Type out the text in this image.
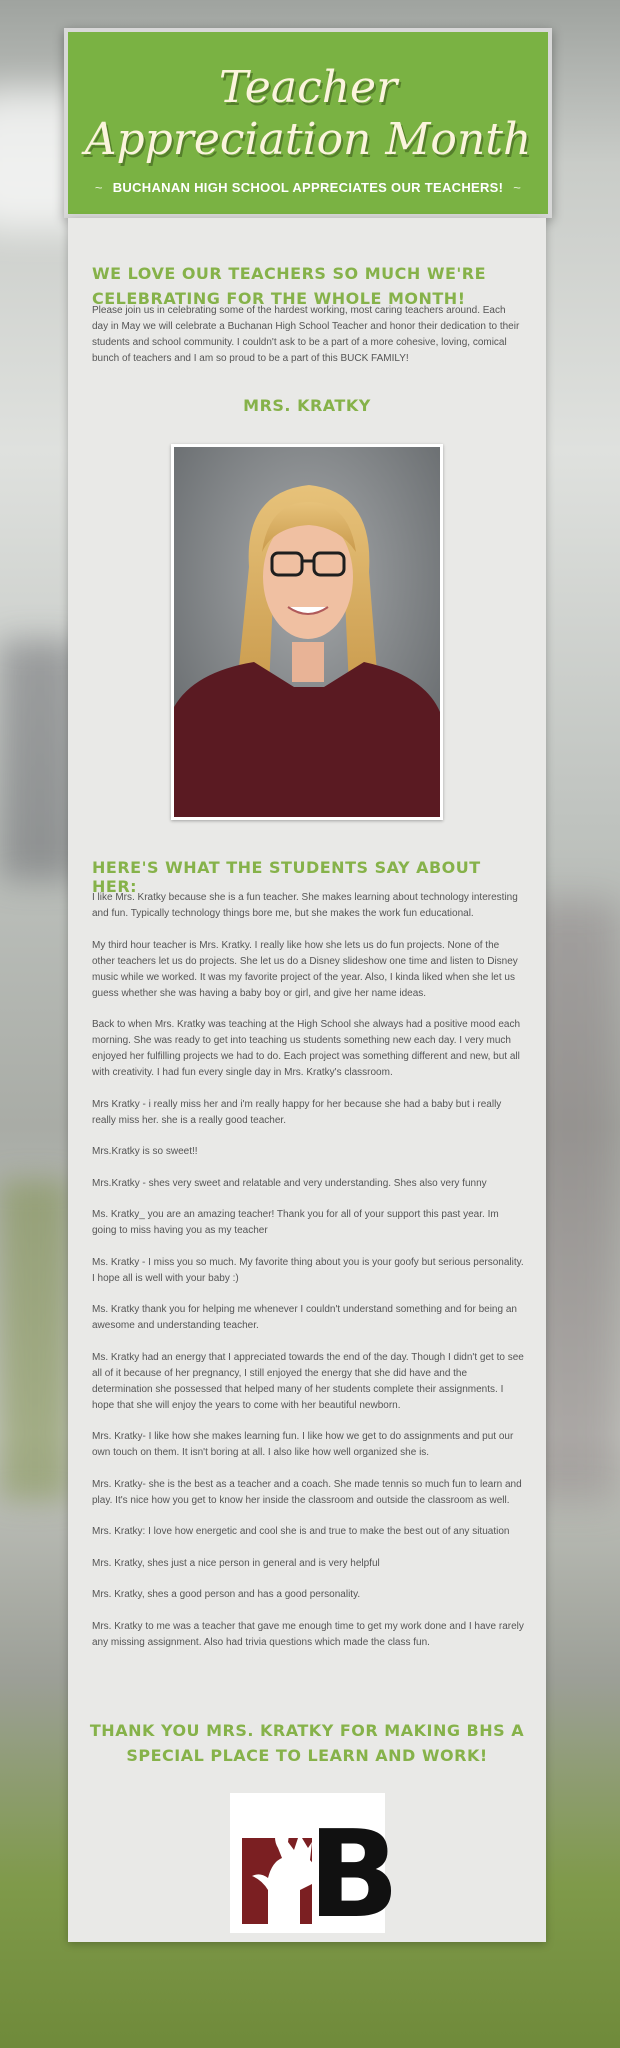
Teacher
Appreciation Month
~ BUCHANAN HIGH SCHOOL APPRECIATES OUR TEACHERS! ~
WE LOVE OUR TEACHERS SO MUCH WE'RE CELEBRATING FOR THE WHOLE MONTH!

Please join us in celebrating some of the hardest working, most caring teachers around. Each day in May we will celebrate a Buchanan High School Teacher and honor their dedication to their students and school community. I couldn't ask to be a part of a more cohesive, loving, comical bunch of teachers and I am so proud to be a part of this BUCK FAMILY!

MRS. KRATKY
HERE'S WHAT THE STUDENTS SAY ABOUT HER:

I like Mrs. Kratky because she is a fun teacher. She makes learning about technology interesting and fun. Typically technology things bore me, but she makes the work fun educational.

My third hour teacher is Mrs. Kratky. I really like how she lets us do fun projects. None of the other teachers let us do projects. She let us do a Disney slideshow one time and listen to Disney music while we worked. It was my favorite project of the year. Also, I kinda liked when she let us guess whether she was having a baby boy or girl, and give her name ideas.

Back to when Mrs. Kratky was teaching at the High School she always had a positive mood each morning. She was ready to get into teaching us students something new each day. I very much enjoyed her fulfilling projects we had to do. Each project was something different and new, but all with creativity. I had fun every single day in Mrs. Kratky's classroom.

Mrs Kratky - i really miss her and i'm really happy for her because she had a baby but i really really miss her. she is a really good teacher.

Mrs.Kratky is so sweet!!

Mrs.Kratky - shes very sweet and relatable and very understanding. Shes also very funny

Ms. Kratky_ you are an amazing teacher! Thank you for all of your support this past year. Im going to miss having you as my teacher

Ms. Kratky - I miss you so much. My favorite thing about you is your goofy but serious personality. I hope all is well with your baby :)

Ms. Kratky thank you for helping me whenever I couldn't understand something and for being an awesome and understanding teacher.

Ms. Kratky had an energy that I appreciated towards the end of the day. Though I didn't get to see all of it because of her pregnancy, I still enjoyed the energy that she did have and the determination she possessed that helped many of her students complete their assignments. I hope that she will enjoy the years to come with her beautiful newborn.

Mrs. Kratky- I like how she makes learning fun. I like how we get to do assignments and put our own touch on them. It isn't boring at all. I also like how well organized she is.

Mrs. Kratky- she is the best as a teacher and a coach. She made tennis so much fun to learn and play. It's nice how you get to know her inside the classroom and outside the classroom as well.

Mrs. Kratky: I love how energetic and cool she is and true to make the best out of any situation

Mrs. Kratky, shes just a nice person in general and is very helpful

Mrs. Kratky, shes a good person and has a good personality.

Mrs. Kratky to me was a teacher that gave me enough time to get my work done and I have rarely any missing assignment. Also had trivia questions which made the class fun.

THANK YOU MRS. KRATKY FOR MAKING BHS A SPECIAL PLACE TO LEARN AND WORK!
B
